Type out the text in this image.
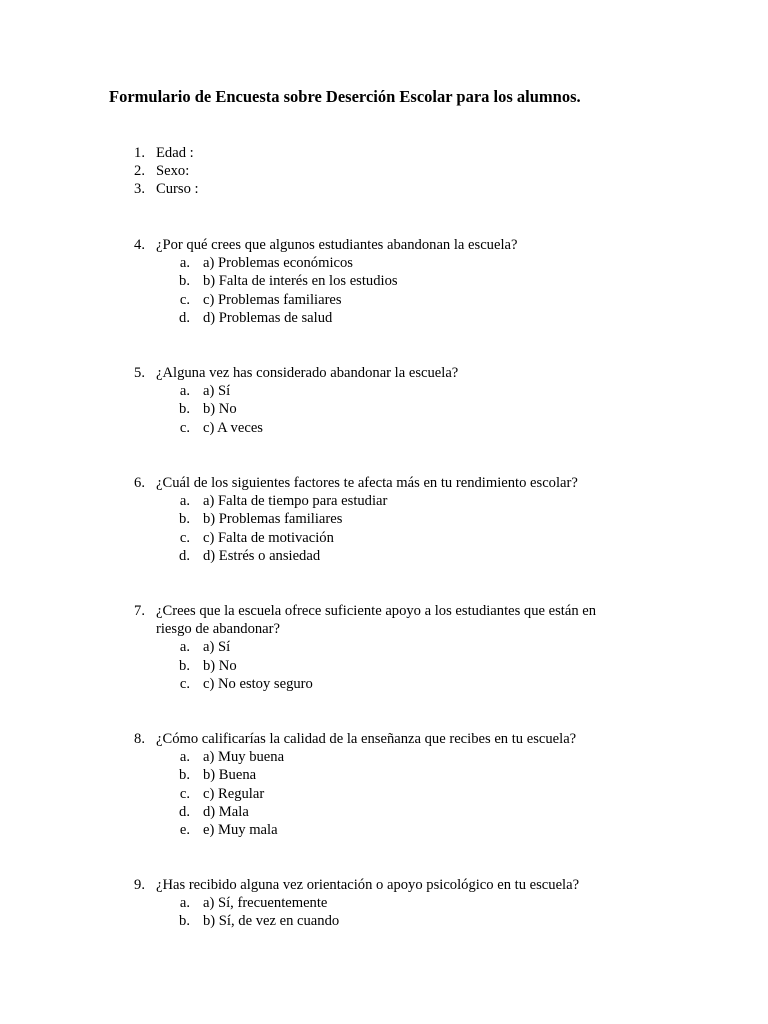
Formulario de Encuesta sobre Deserción Escolar para los alumnos.
1. Edad :
2. Sexo:
3. Curso :
4. ¿Por qué crees que algunos estudiantes abandonan la escuela?
a. a) Problemas económicos
b. b) Falta de interés en los estudios
c. c) Problemas familiares
d. d) Problemas de salud
5. ¿Alguna vez has considerado abandonar la escuela?
a. a) Sí
b. b) No
c. c) A veces
6. ¿Cuál de los siguientes factores te afecta más en tu rendimiento escolar?
a. a) Falta de tiempo para estudiar
b. b) Problemas familiares
c. c) Falta de motivación
d. d) Estrés o ansiedad
7. ¿Crees que la escuela ofrece suficiente apoyo a los estudiantes que están en
riesgo de abandonar?
a. a) Sí
b. b) No
c. c) No estoy seguro
8. ¿Cómo calificarías la calidad de la enseñanza que recibes en tu escuela?
a. a) Muy buena
b. b) Buena
c. c) Regular
d. d) Mala
e. e) Muy mala
9. ¿Has recibido alguna vez orientación o apoyo psicológico en tu escuela?
a. a) Sí, frecuentemente
b. b) Sí, de vez en cuando
